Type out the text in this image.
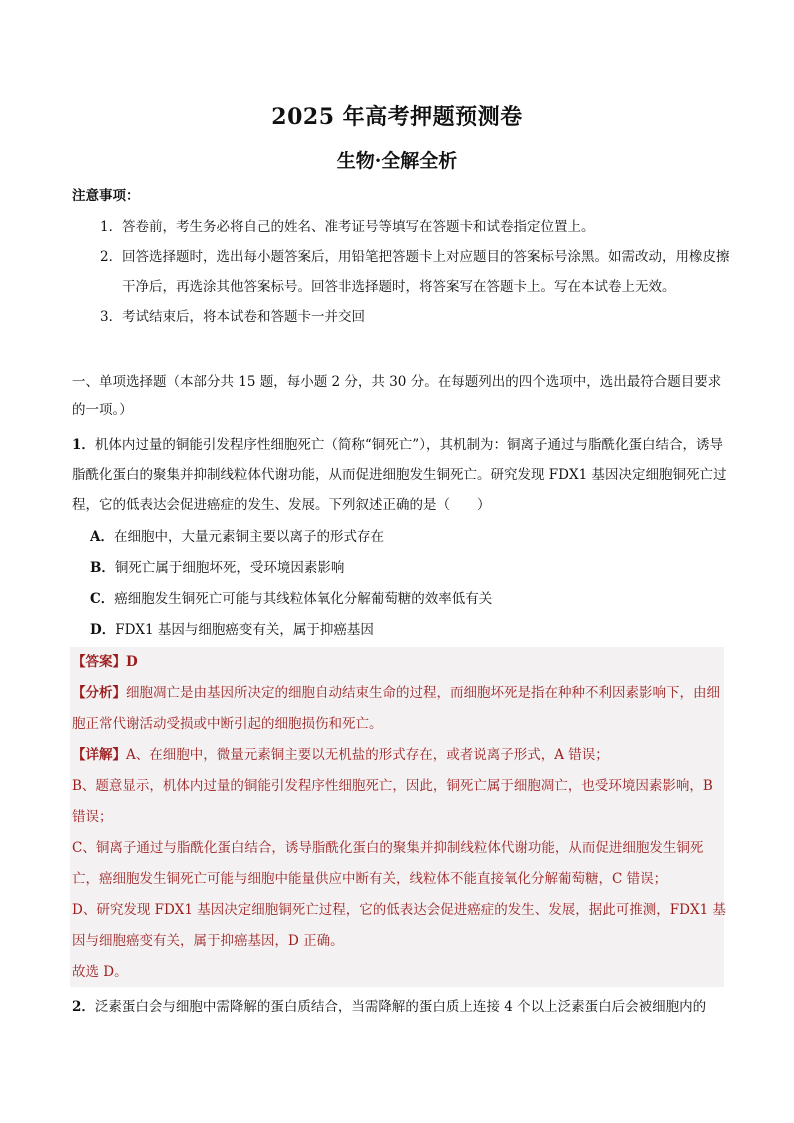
2025 年高考押题预测卷
生物·全解全析
注意事项：
1． 答卷前，考生务必将自己的姓名、准考证号等填写在答题卡和试卷指定位置上。
2． 回答选择题时，选出每小题答案后，用铅笔把答题卡上对应题目的答案标号涂黑。如需改动，用橡皮擦干净后，再选涂其他答案标号。回答非选择题时，将答案写在答题卡上。写在本试卷上无效。
3． 考试结束后，将本试卷和答题卡一并交回
一、单项选择题（本部分共 15 题，每小题 2 分，共 30 分。在每题列出的四个选项中，选出最符合题目要求的一项。）
1．机体内过量的铜能引发程序性细胞死亡（简称“铜死亡”），其机制为：铜离子通过与脂酰化蛋白结合，诱导脂酰化蛋白的聚集并抑制线粒体代谢功能，从而促进细胞发生铜死亡。研究发现 FDX1 基因决定细胞铜死亡过程，它的低表达会促进癌症的发生、发展。下列叙述正确的是（　　）
A．在细胞中，大量元素铜主要以离子的形式存在
B．铜死亡属于细胞坏死，受环境因素影响
C．癌细胞发生铜死亡可能与其线粒体氧化分解葡萄糖的效率低有关
D．FDX1 基因与细胞癌变有关，属于抑癌基因

【答案】D

【分析】细胞凋亡是由基因所决定的细胞自动结束生命的过程，而细胞坏死是指在种种不利因素影响下，由细胞正常代谢活动受损或中断引起的细胞损伤和死亡。

【详解】A、在细胞中，微量元素铜主要以无机盐的形式存在，或者说离子形式，A 错误；

B、题意显示，机体内过量的铜能引发程序性细胞死亡，因此，铜死亡属于细胞凋亡，也受环境因素影响，B 错误；

C、铜离子通过与脂酰化蛋白结合，诱导脂酰化蛋白的聚集并抑制线粒体代谢功能，从而促进细胞发生铜死亡，癌细胞发生铜死亡可能与细胞中能量供应中断有关，线粒体不能直接氧化分解葡萄糖，C 错误；

D、研究发现 FDX1 基因决定细胞铜死亡过程，它的低表达会促进癌症的发生、发展，据此可推测，FDX1 基因与细胞癌变有关，属于抑癌基因，D 正确。

故选 D。

2．泛素蛋白会与细胞中需降解的蛋白质结合，当需降解的蛋白质上连接 4 个以上泛素蛋白后会被细胞内的
